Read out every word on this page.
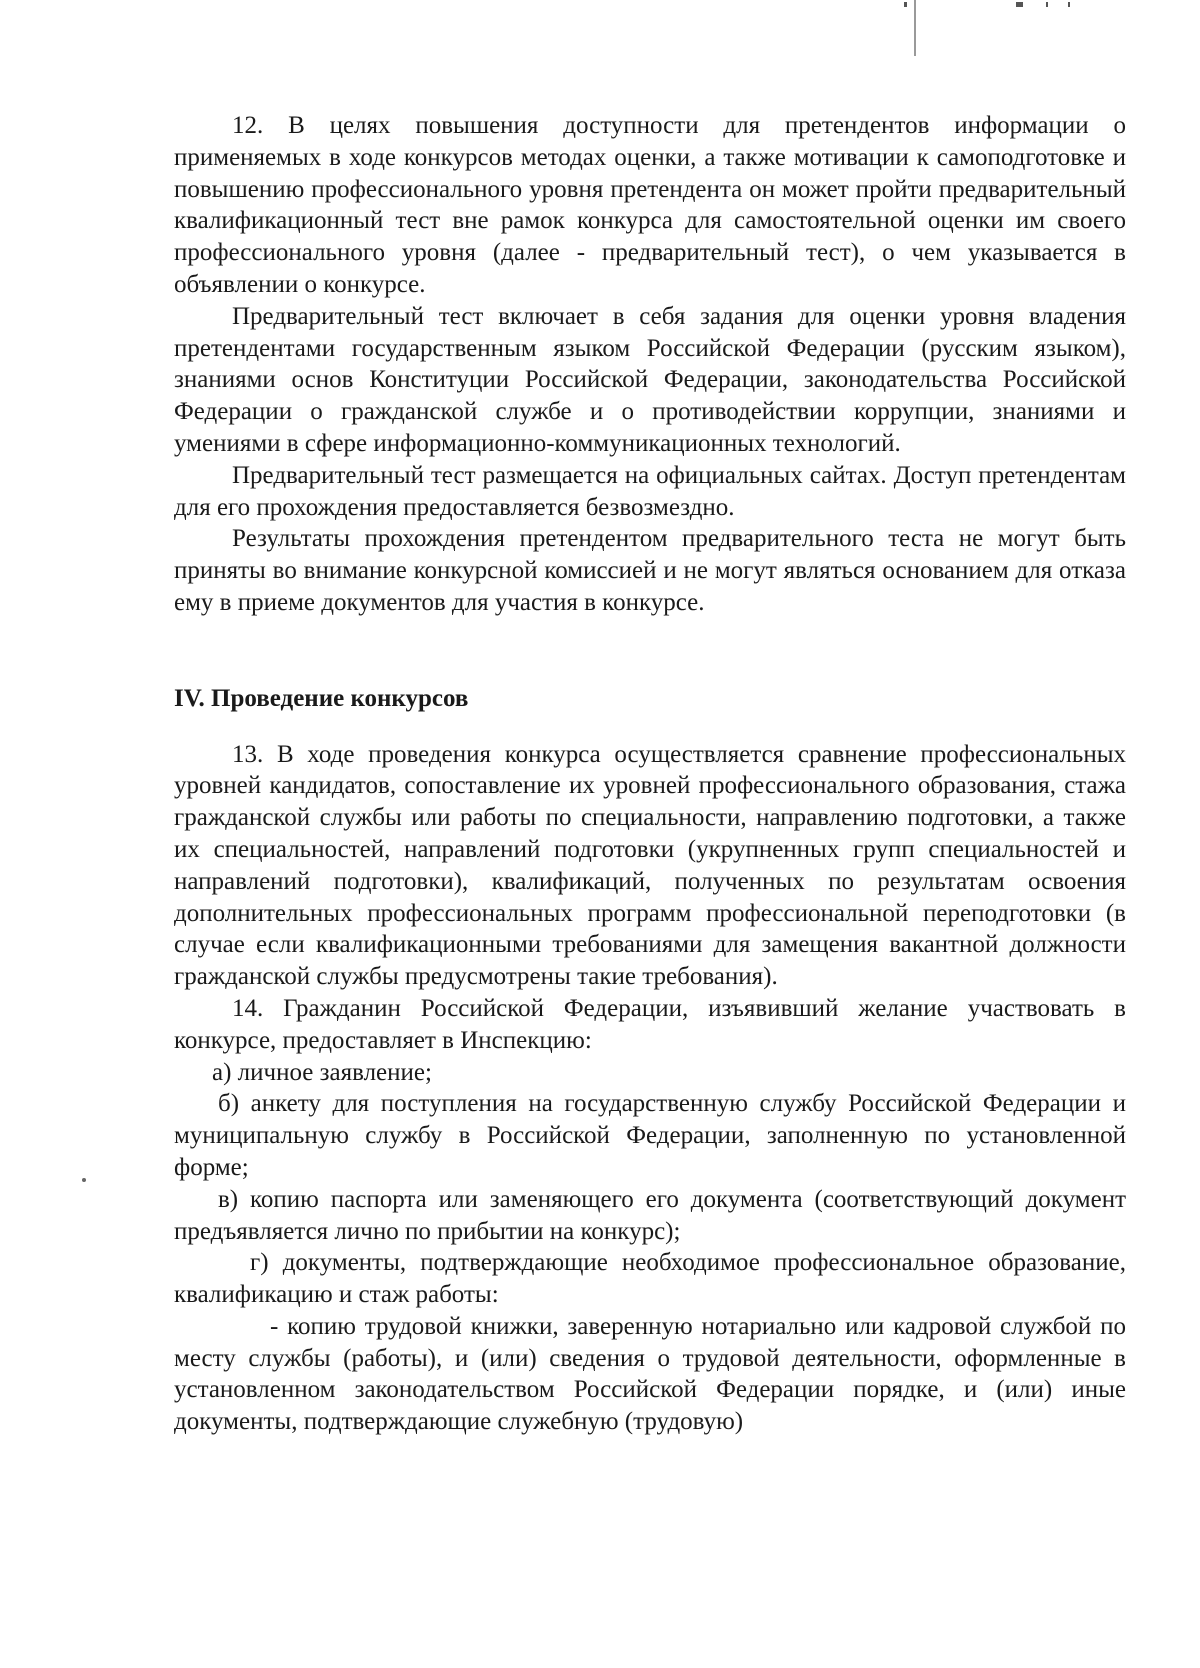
12. В целях повышения доступности для претендентов информации о применяемых в ходе конкурсов методах оценки, а также мотивации к самоподготовке и повышению профессионального уровня претендента он может пройти предварительный квалификационный тест вне рамок конкурса для самостоятельной оценки им своего профессионального уровня (далее - предварительный тест), о чем указывается в объявлении о конкурсе.

Предварительный тест включает в себя задания для оценки уровня владения претендентами государственным языком Российской Федерации (русским языком), знаниями основ Конституции Российской Федерации, законодательства Российской Федерации о гражданской службе и о противодействии коррупции, знаниями и умениями в сфере информационно-коммуникационных технологий.

Предварительный тест размещается на официальных сайтах. Доступ претендентам для его прохождения предоставляется безвозмездно.

Результаты прохождения претендентом предварительного теста не могут быть приняты во внимание конкурсной комиссией и не могут являться основанием для отказа ему в приеме документов для участия в конкурсе.

IV. Проведение конкурсов

13. В ходе проведения конкурса осуществляется сравнение профессиональных уровней кандидатов, сопоставление их уровней профессионального образования, стажа гражданской службы или работы по специальности, направлению подготовки, а также их специальностей, направлений подготовки (укрупненных групп специальностей и направлений подготовки), квалификаций, полученных по результатам освоения дополнительных профессиональных программ профессиональной переподготовки (в случае если квалификационными требованиями для замещения вакантной должности гражданской службы предусмотрены такие требования).

14. Гражданин Российской Федерации, изъявивший желание участвовать в конкурсе, предоставляет в Инспекцию:

а) личное заявление;

б) анкету для поступления на государственную службу Российской Федерации и муниципальную службу в Российской Федерации, заполненную по установленной форме;

в) копию паспорта или заменяющего его документа (соответствующий документ предъявляется лично по прибытии на конкурс);

г) документы, подтверждающие необходимое профессиональное образование, квалификацию и стаж работы:

- копию трудовой книжки, заверенную нотариально или кадровой службой по месту службы (работы), и (или) сведения о трудовой деятельности, оформленные в установленном законодательством Российской Федерации порядке, и (или) иные документы, подтверждающие служебную (трудовую)
